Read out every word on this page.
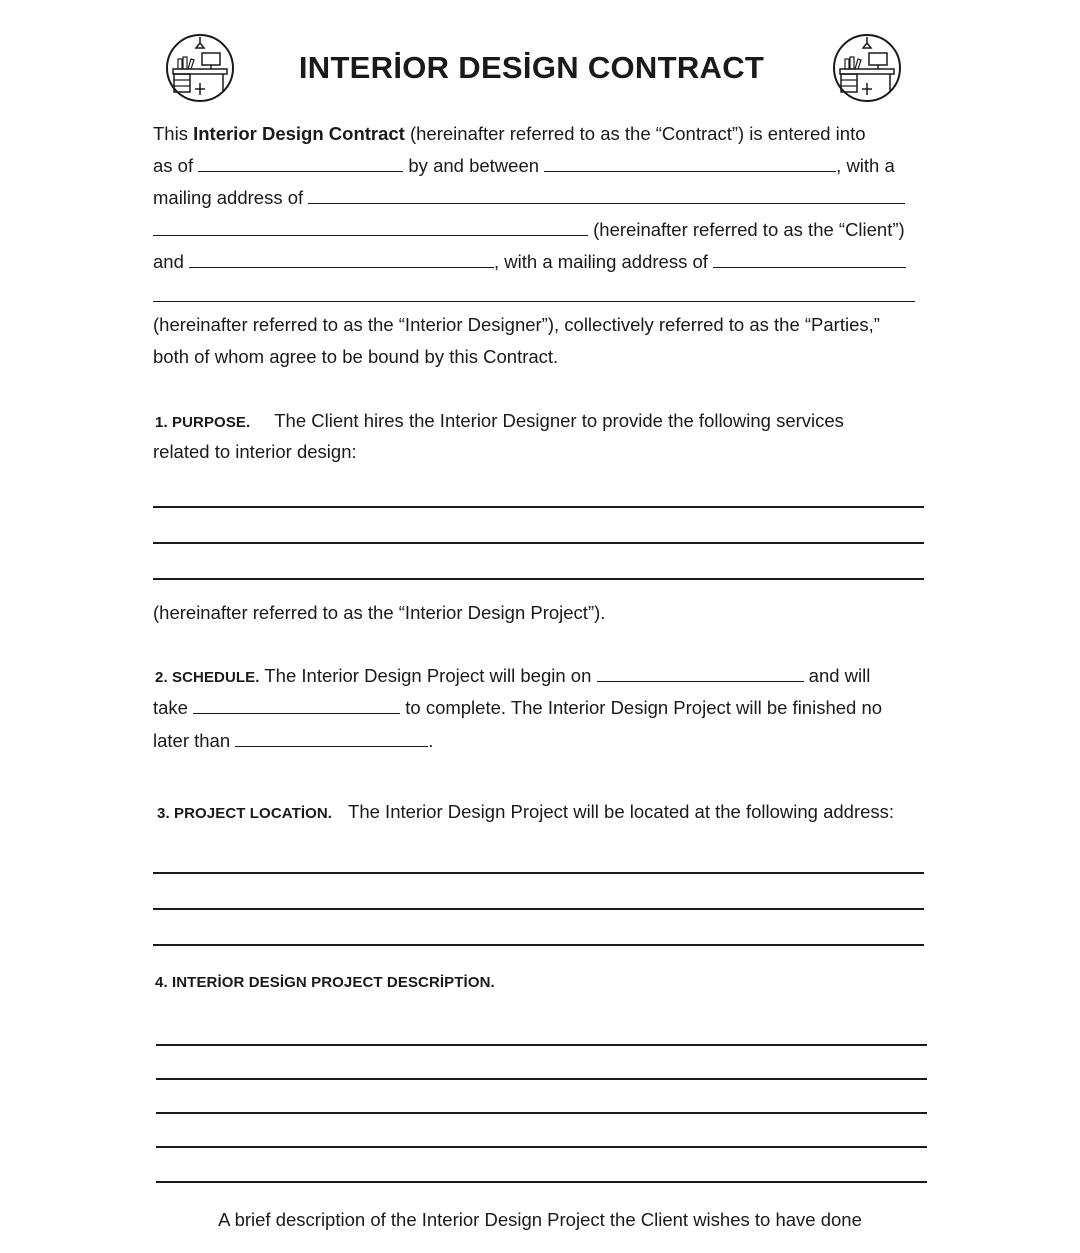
INTERİOR DESİGN CONTRACT
This Interior Design Contract (hereinafter referred to as the “Contract”) is entered into
as of	by and between	, with a
mailing address of
(hereinafter referred to as the “Client”)
and	, with a mailing address of
(hereinafter referred to as the “Interior Designer”), collectively referred to as the “Parties,”
both of whom agree to be bound by this Contract.
1. PURPOSE. The Client hires the Interior Designer to provide the following services
related to interior design:
(hereinafter referred to as the “Interior Design Project”).
2. SCHEDULE. The Interior Design Project will begin on	and will
take	to complete. The Interior Design Project will be finished no
later than	.
3. PROJECT LOCATİON. The Interior Design Project will be located at the following address:
4. INTERİOR DESİGN PROJECT DESCRİPTİON.
A brief description of the Interior Design Project the Client wishes to have done
